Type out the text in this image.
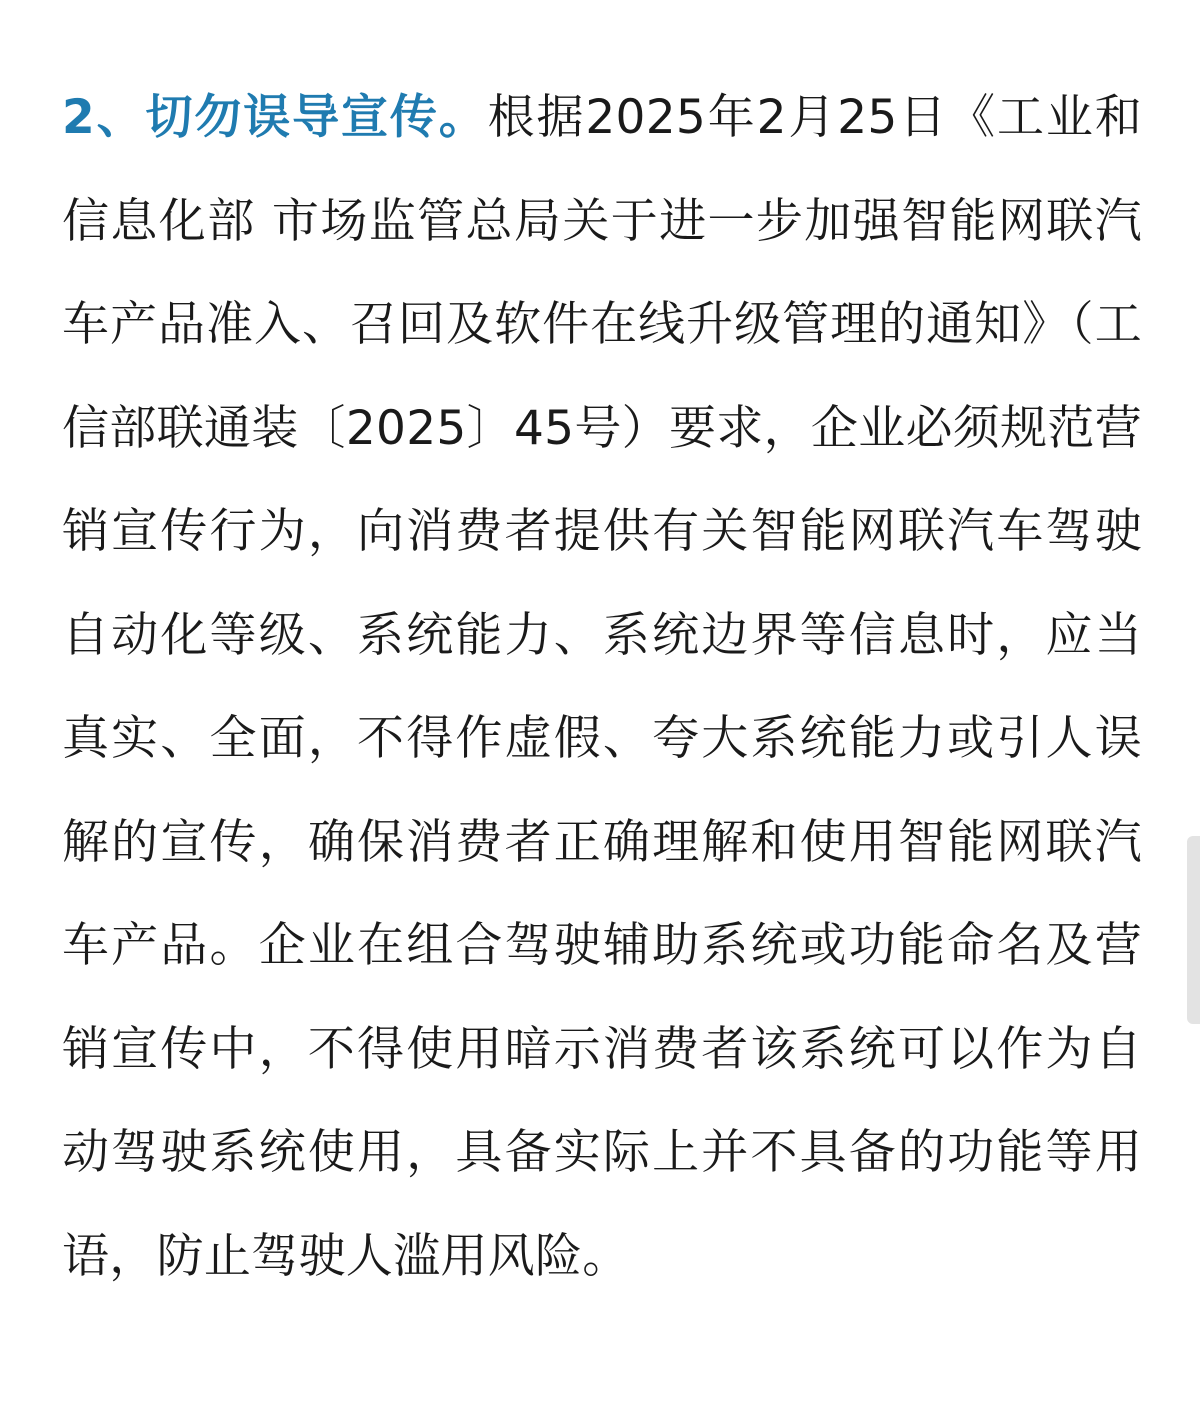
2、切勿误导宣传。根据2025年2月25日《工业和信息化部 市场监管总局关于进一步加强智能网联汽车产品准入、召回及软件在线升级管理的通知》（工信部联通装〔2025〕45号）要求，企业必须规范营销宣传行为，向消费者提供有关智能网联汽车驾驶自动化等级、系统能力、系统边界等信息时，应当真实、全面，不得作虚假、夸大系统能力或引人误解的宣传，确保消费者正确理解和使用智能网联汽车产品。企业在组合驾驶辅助系统或功能命名及营销宣传中，不得使用暗示消费者该系统可以作为自动驾驶系统使用，具备实际上并不具备的功能等用语，防止驾驶人滥用风险。
